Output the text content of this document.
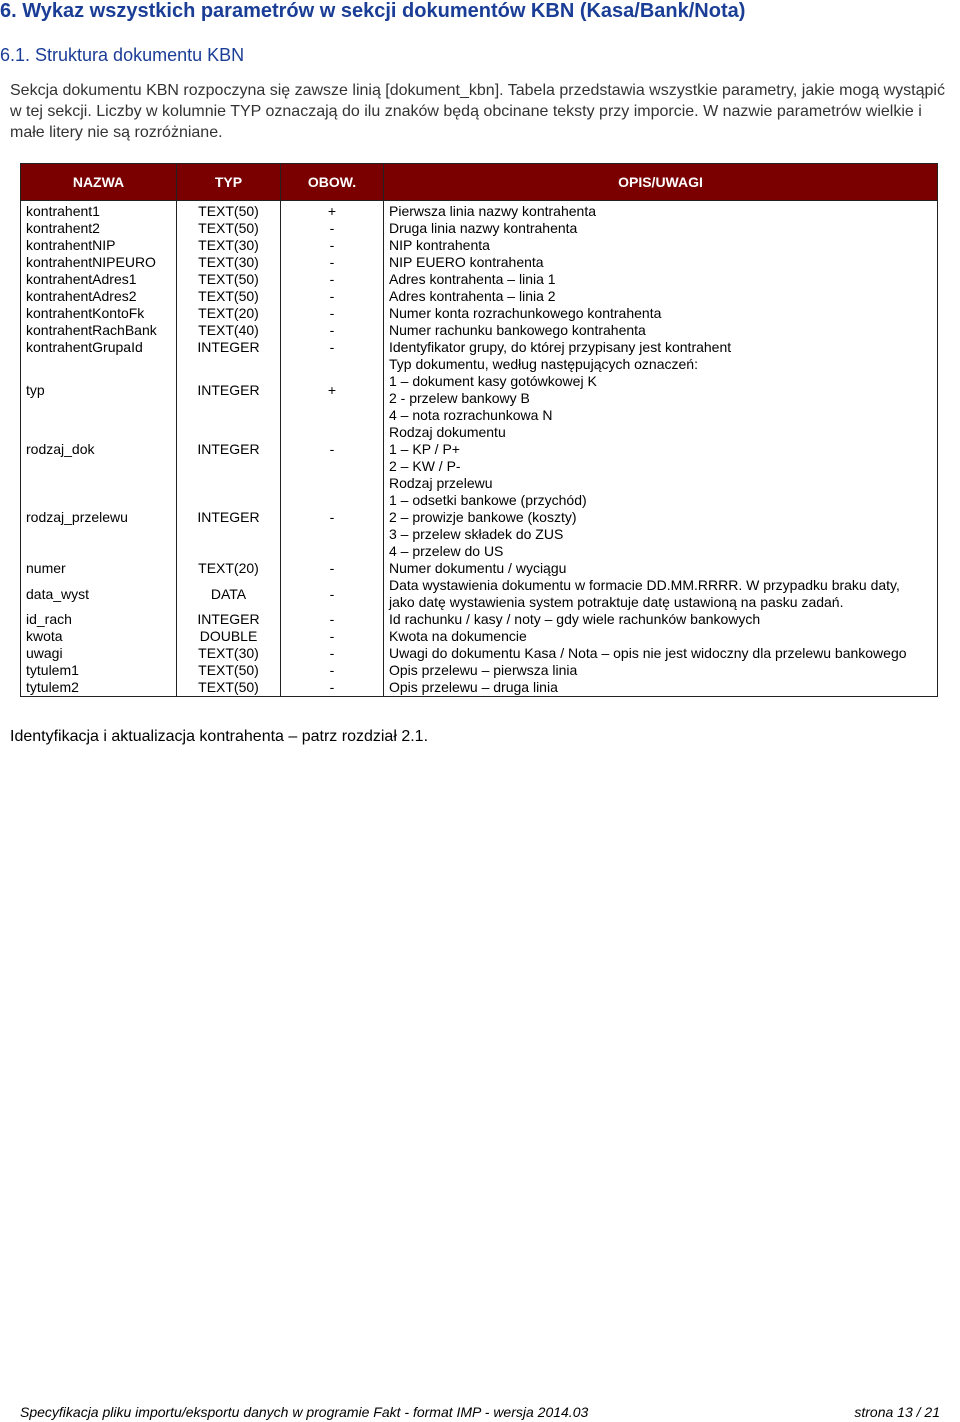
6. Wykaz wszystkich parametrów w sekcji dokumentów KBN (Kasa/Bank/Nota)
6.1. Struktura dokumentu KBN

Sekcja dokumentu KBN rozpoczyna się zawsze linią [dokument_kbn]. Tabela przedstawia wszystkie parametry, jakie mogą wystąpić w tej sekcji. Liczby w kolumnie TYP oznaczają do ilu znaków będą obcinane teksty przy imporcie. W nazwie parametrów wielkie i małe litery nie są rozróżniane.

NAZWA	TYP	OBOW.	OPIS/UWAGI
kontrahent1	TEXT(50)	+	Pierwsza linia nazwy kontrahenta

kontrahent2	TEXT(50)	-	Druga linia nazwy kontrahenta

kontrahentNIP	TEXT(30)	-	NIP kontrahenta

kontrahentNIPEURO	TEXT(30)	-	NIP EUERO kontrahenta

kontrahentAdres1	TEXT(50)	-	Adres kontrahenta – linia 1

kontrahentAdres2	TEXT(50)	-	Adres kontrahenta – linia 2

kontrahentKontoFk	TEXT(20)	-	Numer konta rozrachunkowego kontrahenta

kontrahentRachBank	TEXT(40)	-	Numer rachunku bankowego kontrahenta

kontrahentGrupaId	INTEGER	-	Identyfikator grupy, do której przypisany jest kontrahent

typ	INTEGER	+	Typ dokumentu, według następujących oznaczeń:
1 – dokument kasy gotówkowej K
2 - przelew bankowy B
4 – nota rozrachunkowa N

rodzaj_dok	INTEGER	-	Rodzaj dokumentu
1 – KP / P+
2 – KW / P-

rodzaj_przelewu	INTEGER	-	Rodzaj przelewu
1 – odsetki bankowe (przychód)
2 – prowizje bankowe (koszty)
3 – przelew składek do ZUS
4 – przelew do US

numer	TEXT(20)	-	Numer dokumentu / wyciągu

data_wyst	DATA	-	Data wystawienia dokumentu w formacie DD.MM.RRRR. W przypadku braku daty,
jako datę wystawienia system potraktuje datę ustawioną na pasku zadań.

id_rach	INTEGER	-	Id rachunku / kasy / noty – gdy wiele rachunków bankowych

kwota	DOUBLE	-	Kwota na dokumencie

uwagi	TEXT(30)	-	Uwagi do dokumentu Kasa / Nota – opis nie jest widoczny dla przelewu bankowego

tytulem1	TEXT(50)	-	Opis przelewu – pierwsza linia

tytulem2	TEXT(50)	-	Opis przelewu – druga linia

Identyfikacja i aktualizacja kontrahenta – patrz rozdział 2.1.

Specyfikacja pliku importu/eksportu danych w programie Fakt - format IMP - wersja 2014.03	strona 13 / 21
